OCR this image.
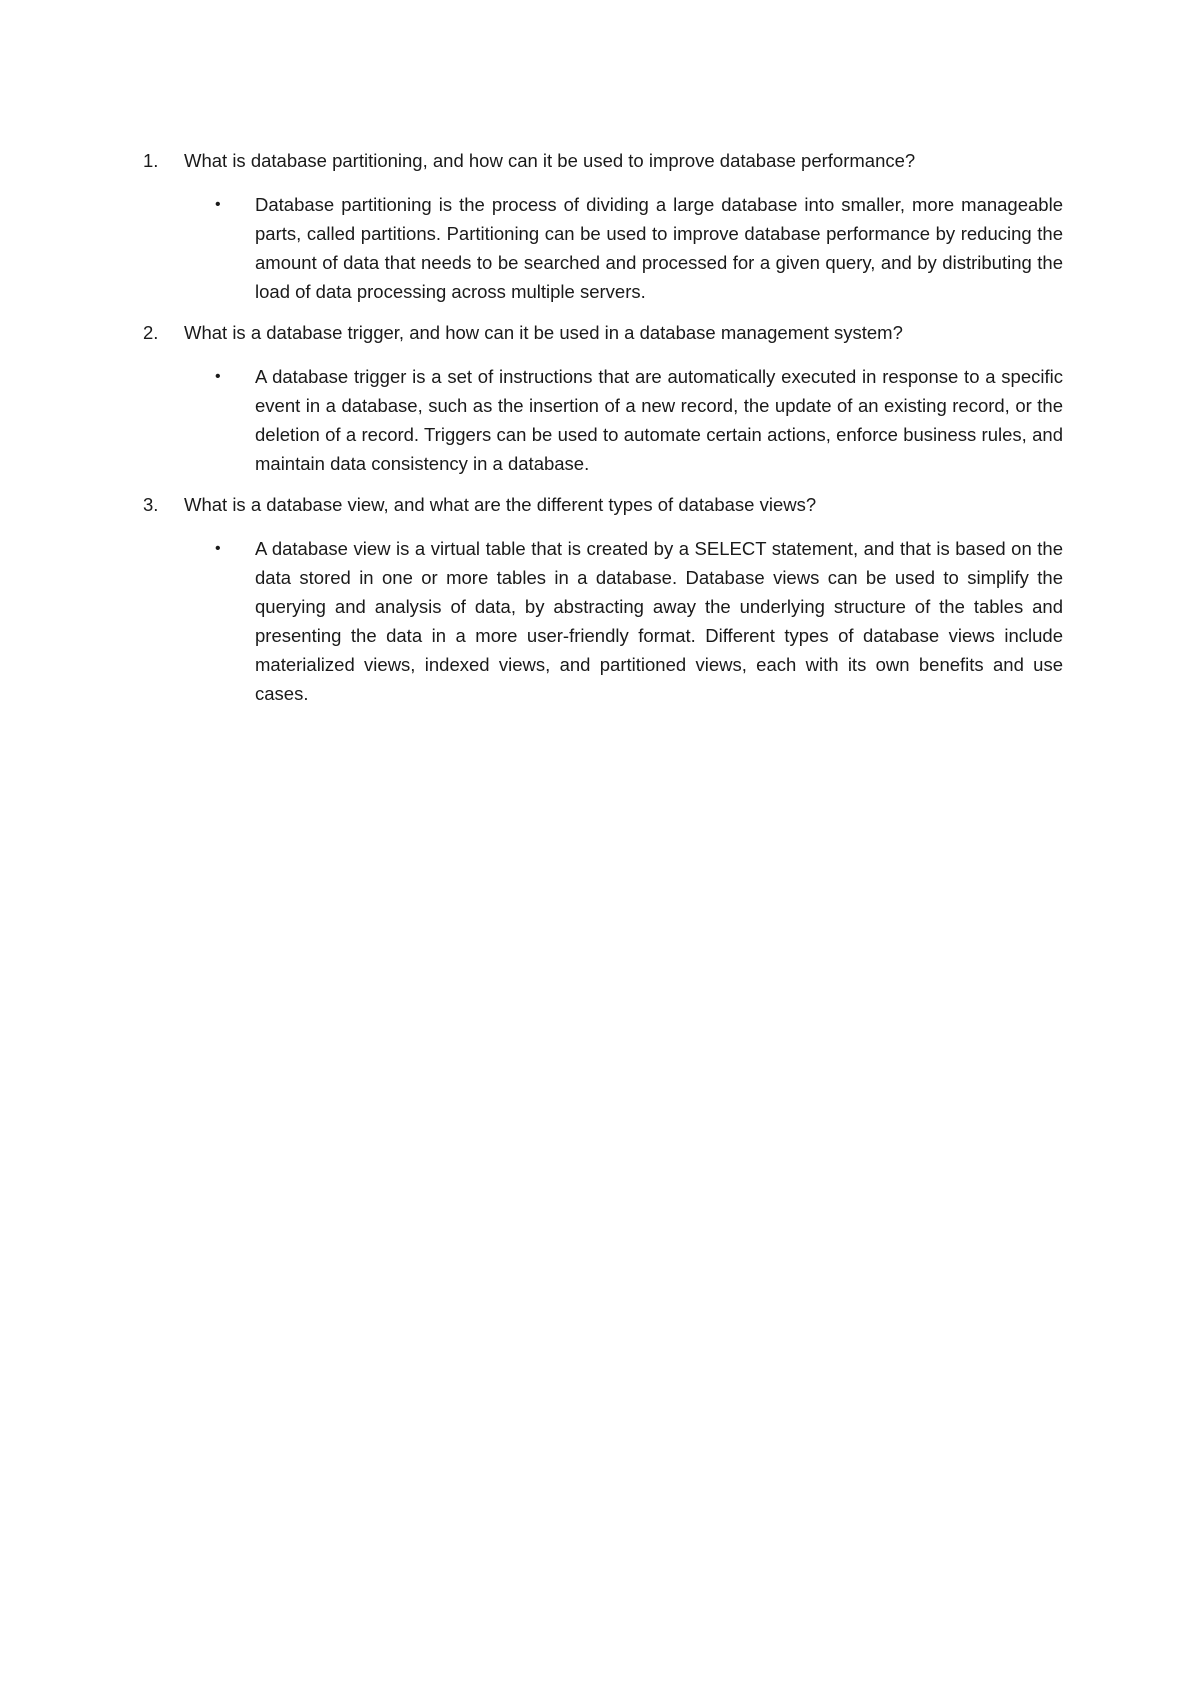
1.	What is database partitioning, and how can it be used to improve database performance?
•	Database partitioning is the process of dividing a large database into smaller, more manageable parts, called partitions. Partitioning can be used to improve database performance by reducing the amount of data that needs to be searched and processed for a given query, and by distributing the load of data processing across multiple servers.
2.	What is a database trigger, and how can it be used in a database management system?
•	A database trigger is a set of instructions that are automatically executed in response to a specific event in a database, such as the insertion of a new record, the update of an existing record, or the deletion of a record. Triggers can be used to automate certain actions, enforce business rules, and maintain data consistency in a database.
3.	What is a database view, and what are the different types of database views?
•	A database view is a virtual table that is created by a SELECT statement, and that is based on the data stored in one or more tables in a database. Database views can be used to simplify the querying and analysis of data, by abstracting away the underlying structure of the tables and presenting the data in a more user-friendly format. Different types of database views include materialized views, indexed views, and partitioned views, each with its own benefits and use cases.
